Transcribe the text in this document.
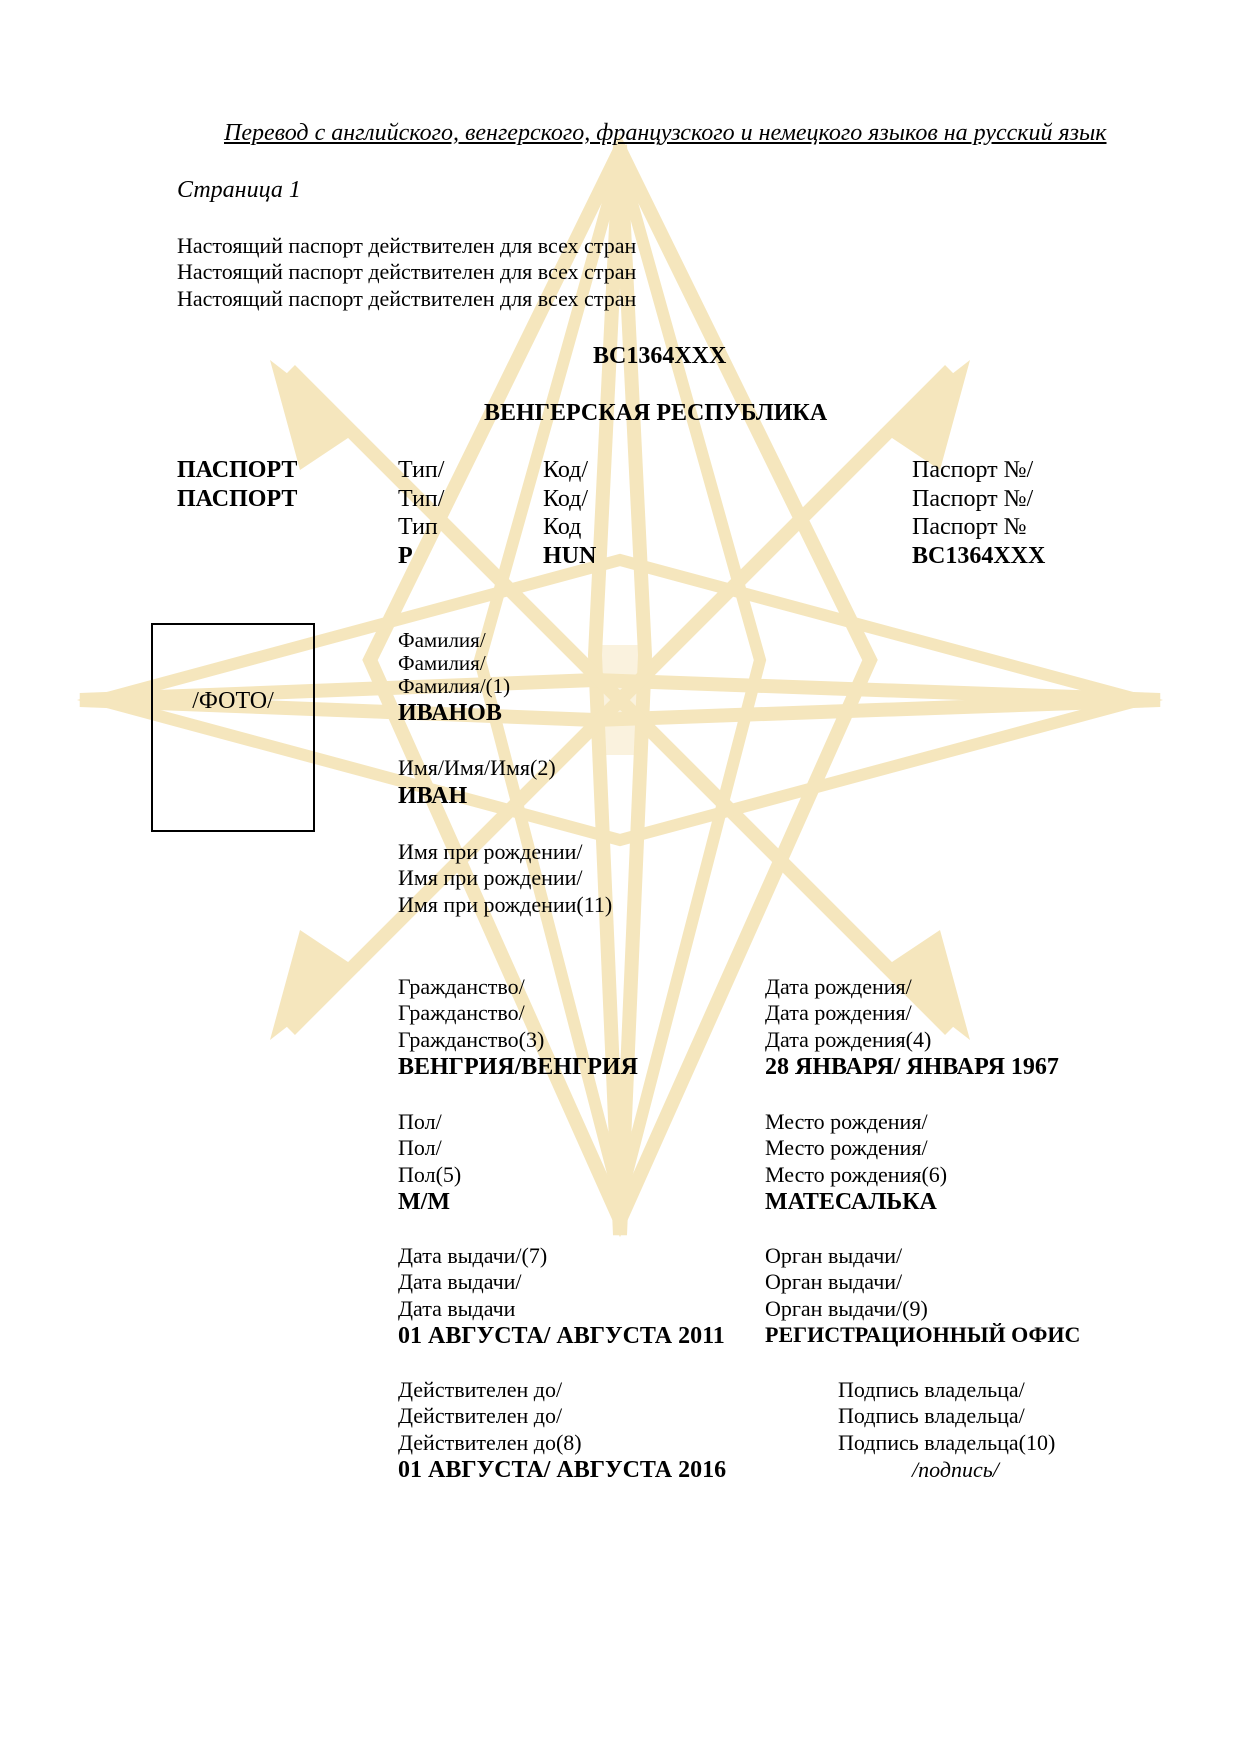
Перевод с английского, венгерского, французского и немецкого языков на русский язык
Страница 1
Настоящий паспорт действителен для всех стран
Настоящий паспорт действителен для всех стран
Настоящий паспорт действителен для всех стран
BC1364XXX
ВЕНГЕРСКАЯ РЕСПУБЛИКА
ПАСПОРТ
ПАСПОРТ
Тип/
Тип/
Тип
P
Код/
Код/
Код
HUN
Паспорт №/
Паспорт №/
Паспорт №
BC1364XXX
/ФОТО/
Фамилия/
Фамилия/
Фамилия/(1)
ИВАНОВ
Имя/Имя/Имя(2)
ИВАН
Имя при рождении/
Имя при рождении/
Имя при рождении(11)
Гражданство/
Гражданство/
Гражданство(3)
ВЕНГРИЯ/ВЕНГРИЯ
Дата рождения/
Дата рождения/
Дата рождения(4)
28 ЯНВАРЯ/ ЯНВАРЯ 1967
Пол/
Пол/
Пол(5)
M/M
Место рождения/
Место рождения/
Место рождения(6)
МАТЕСАЛЬКА
Дата выдачи/(7)
Дата выдачи/
Дата выдачи
01 АВГУСТА/ АВГУСТА 2011
Орган выдачи/
Орган выдачи/
Орган выдачи/(9)
РЕГИСТРАЦИОННЫЙ ОФИС
Действителен до/
Действителен до/
Действителен до(8)
01 АВГУСТА/ АВГУСТА 2016
Подпись владельца/
Подпись владельца/
Подпись владельца(10)
/подпись/
